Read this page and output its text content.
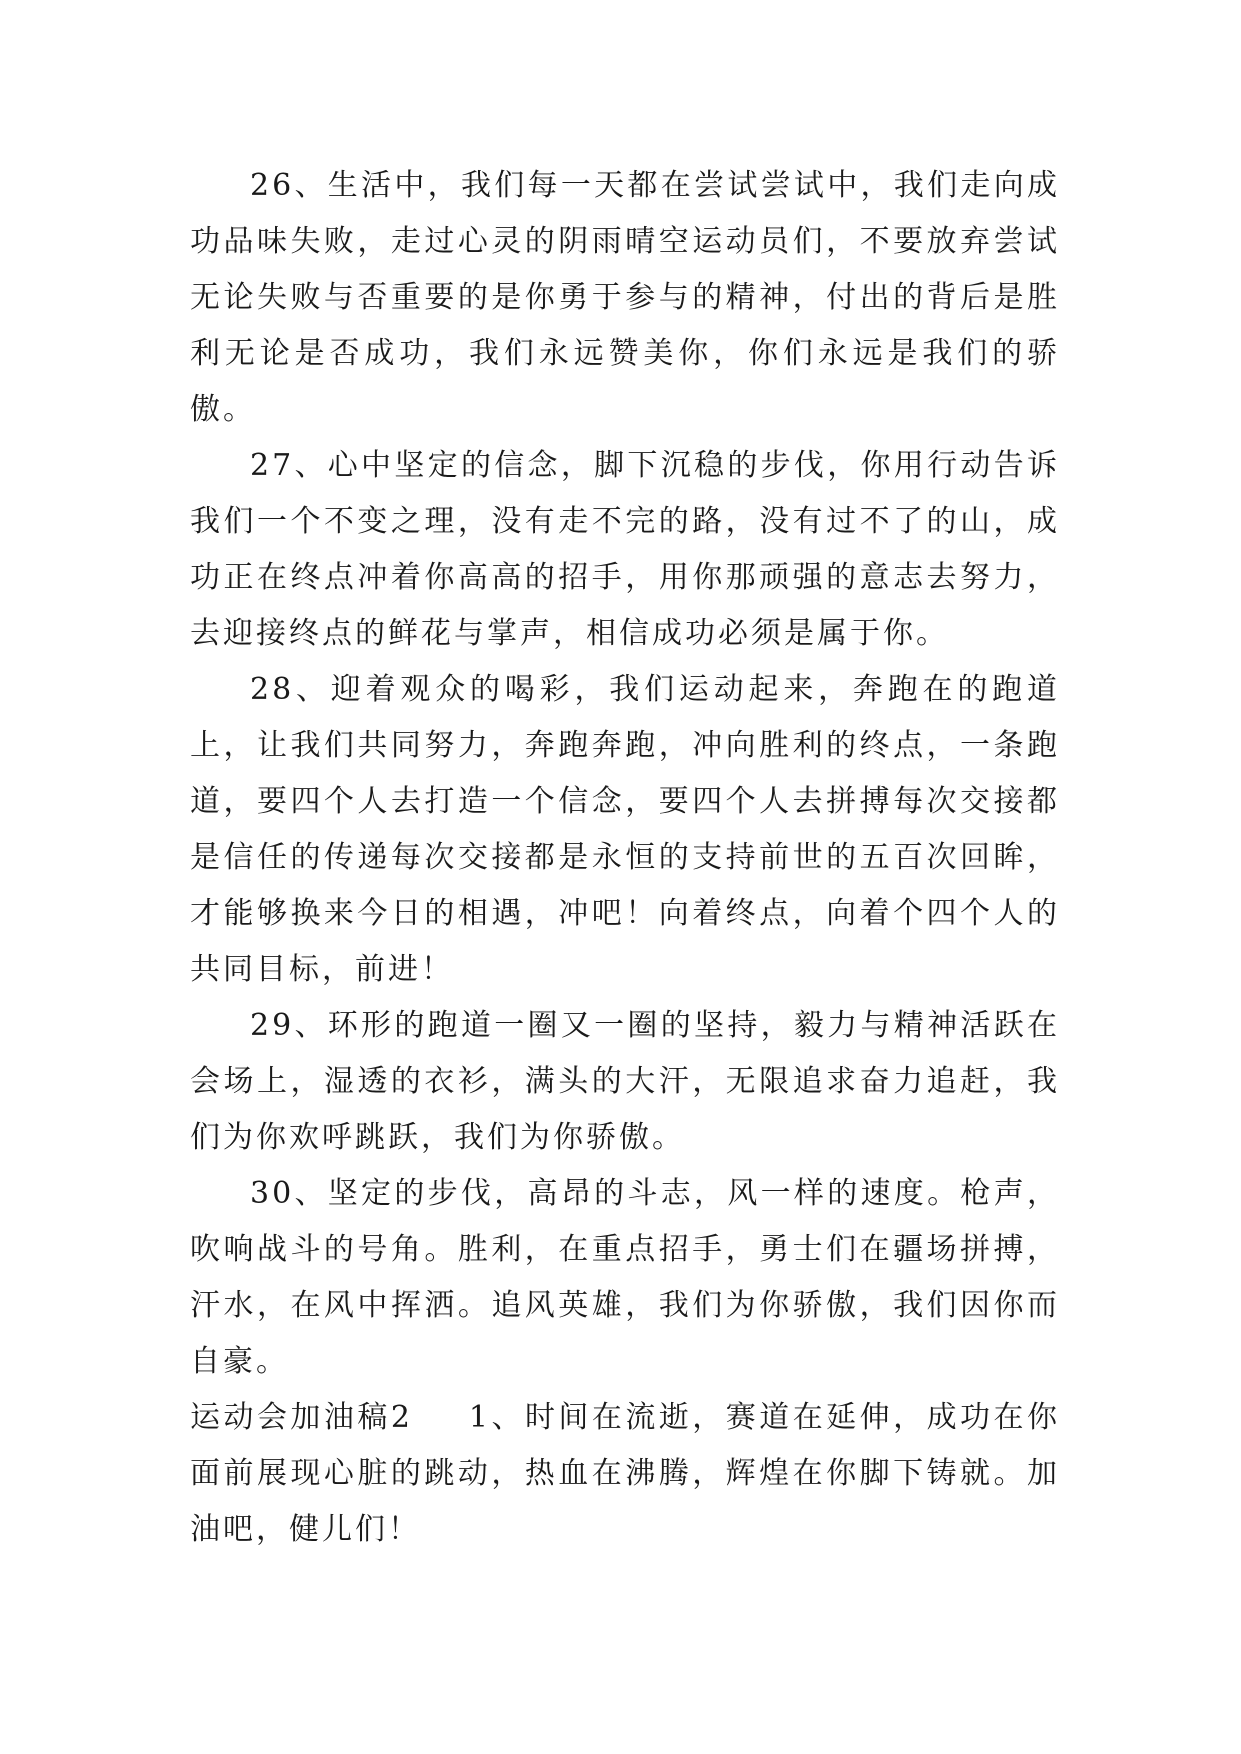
26、生活中，我们每一天都在尝试尝试中，我们走向成功品味失败，走过心灵的阴雨晴空运动员们，不要放弃尝试无论失败与否重要的是你勇于参与的精神，付出的背后是胜利无论是否成功，我们永远赞美你，你们永远是我们的骄傲。

27、心中坚定的信念，脚下沉稳的步伐，你用行动告诉我们一个不变之理，没有走不完的路，没有过不了的山，成功正在终点冲着你高高的招手，用你那顽强的意志去努力，去迎接终点的鲜花与掌声，相信成功必须是属于你。

28、迎着观众的喝彩，我们运动起来，奔跑在的跑道上，让我们共同努力，奔跑奔跑，冲向胜利的终点，一条跑道，要四个人去打造一个信念，要四个人去拼搏每次交接都是信任的传递每次交接都是永恒的支持前世的五百次回眸，才能够换来今日的相遇，冲吧！向着终点，向着个四个人的共同目标，前进！

29、环形的跑道一圈又一圈的坚持，毅力与精神活跃在会场上，湿透的衣衫，满头的大汗，无限追求奋力追赶，我们为你欢呼跳跃，我们为你骄傲。

30、坚定的步伐，高昂的斗志，风一样的速度。枪声，吹响战斗的号角。胜利，在重点招手，勇士们在疆场拼搏，汗水，在风中挥洒。追风英雄，我们为你骄傲，我们因你而自豪。

运动会加油稿2 1、时间在流逝，赛道在延伸，成功在你面前展现心脏的跳动，热血在沸腾，辉煌在你脚下铸就。加油吧，健儿们！
